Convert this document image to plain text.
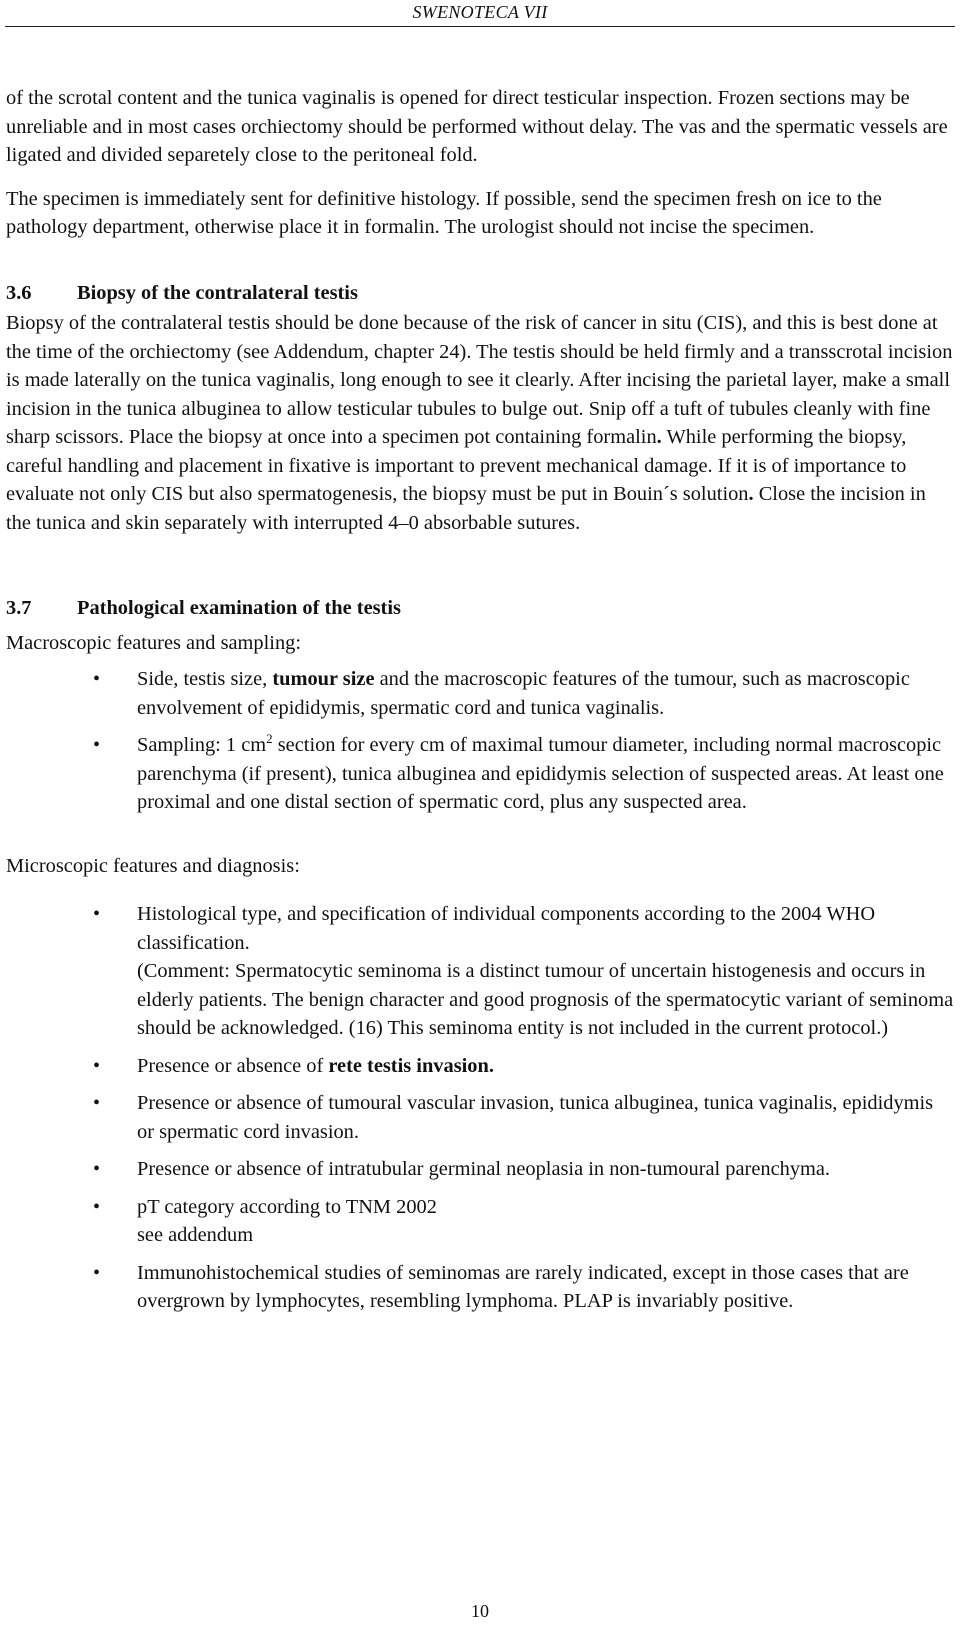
SWENOTECA VII

of the scrotal content and the tunica vaginalis is opened for direct testicular inspection. Frozen sections may be unreliable and in most cases orchiectomy should be performed without delay. The vas and the spermatic vessels are ligated and divided separetely close to the peritoneal fold.

The specimen is immediately sent for definitive histology. If possible, send the specimen fresh on ice to the pathology department, otherwise place it in formalin. The urologist should not incise the specimen.

3.6	Biopsy of the contralateral testis

Biopsy of the contralateral testis should be done because of the risk of cancer in situ (CIS), and this is best done at the time of the orchiectomy (see Addendum, chapter 24). The testis should be held firmly and a transscrotal incision is made laterally on the tunica vaginalis, long enough to see it clearly. After incising the parietal layer, make a small incision in the tunica albuginea to allow testicular tubules to bulge out. Snip off a tuft of tubules cleanly with fine sharp scissors. Place the biopsy at once into a specimen pot containing formalin. While performing the biopsy, careful handling and placement in fixative is important to prevent mechanical damage. If it is of importance to evaluate not only CIS but also spermatogenesis, the biopsy must be put in Bouin´s solution. Close the incision in the tunica and skin separately with interrupted 4–0 absorbable sutures.

3.7	Pathological examination of the testis

Macroscopic features and sampling:

• Side, testis size, tumour size and the macroscopic features of the tumour, such as macroscopic envolvement of epididymis, spermatic cord and tunica vaginalis.
• Sampling: 1 $cm^2$ section for every cm of maximal tumour diameter, including normal macroscopic parenchyma (if present), tunica albuginea and epididymis selection of suspected areas. At least one proximal and one distal section of spermatic cord, plus any suspected area.

Microscopic features and diagnosis:

• Histological type, and specification of individual components according to the 2004 WHO classification.
(Comment: Spermatocytic seminoma is a distinct tumour of uncertain histogenesis and occurs in elderly patients. The benign character and good prognosis of the spermatocytic variant of seminoma should be acknowledged. (16) This seminoma entity is not included in the current protocol.)
• Presence or absence of rete testis invasion.
• Presence or absence of tumoural vascular invasion, tunica albuginea, tunica vaginalis, epididymis or spermatic cord invasion.
• Presence or absence of intratubular germinal neoplasia in non-tumoural parenchyma.
• pT category according to TNM 2002
see addendum
• Immunohistochemical studies of seminomas are rarely indicated, except in those cases that are overgrown by lymphocytes, resembling lymphoma. PLAP is invariably positive.
10
